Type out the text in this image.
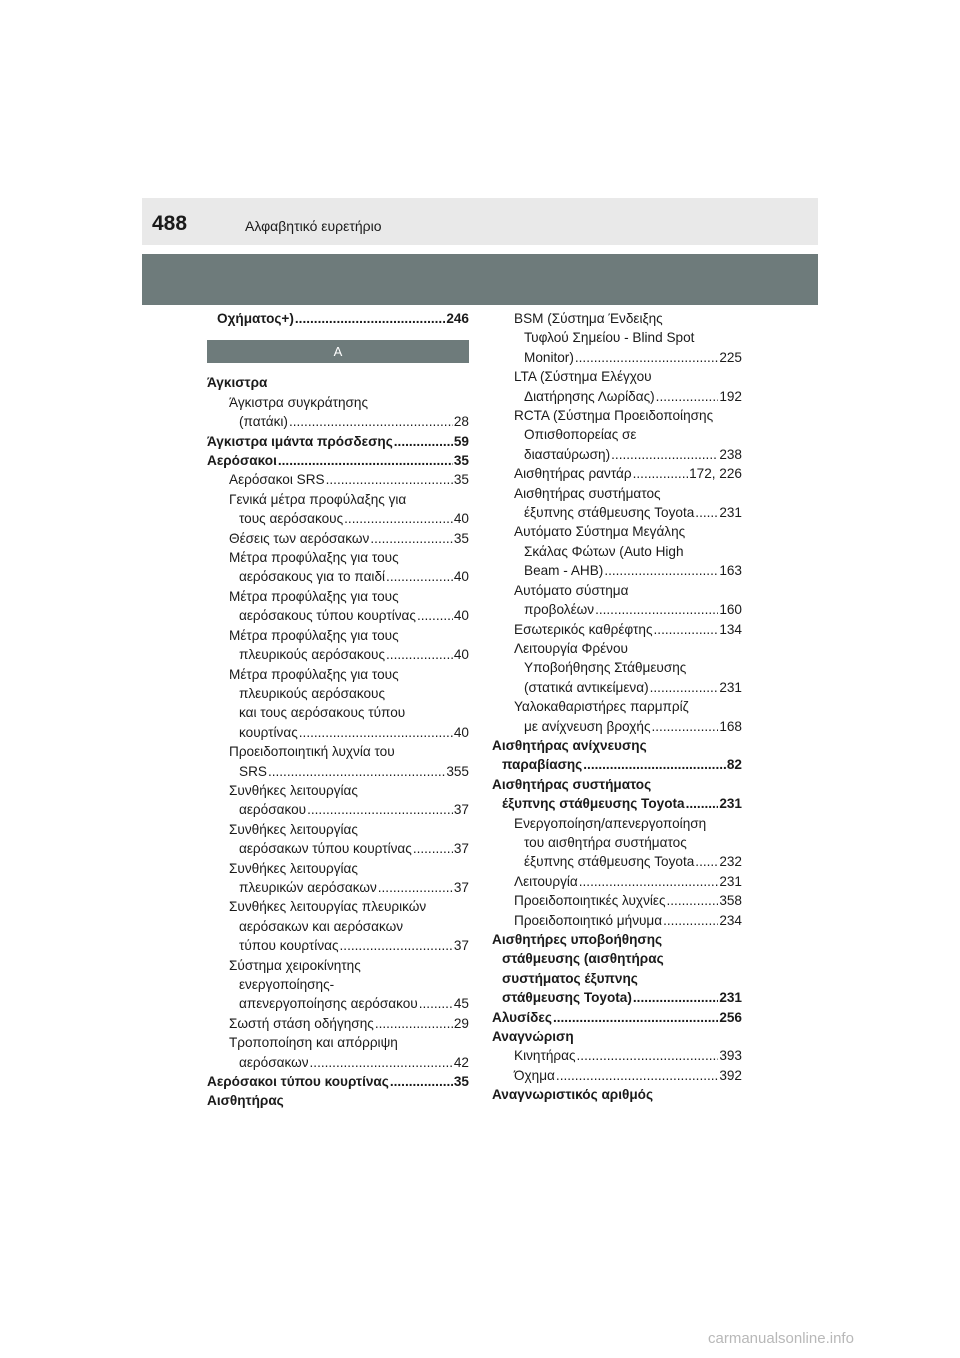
488	Αλφαβητικό ευρετήριο
Οχήματος+) .....	246
Α
Άγκιστρα
Άγκιστρα συγκράτησης
(πατάκι) .....	28
Άγκιστρα ιμάντα πρόσδεσης .....	59
Αερόσακοι .....	35
Αερόσακοι SRS .....	35
Γενικά μέτρα προφύλαξης για
τους αερόσακους .....	40
Θέσεις των αερόσακων .....	35
Μέτρα προφύλαξης για τους
αερόσακους για το παιδί .....	40
Μέτρα προφύλαξης για τους
αερόσακους τύπου κουρτίνας .....	40
Μέτρα προφύλαξης για τους
πλευρικούς αερόσακους .....	40
Μέτρα προφύλαξης για τους
πλευρικούς αερόσακους
και τους αερόσακους τύπου
κουρτίνας .....	40
Προειδοποιητική λυχνία του
SRS .....	355
Συνθήκες λειτουργίας
αερόσακου .....	37
Συνθήκες λειτουργίας
αερόσακων τύπου κουρτίνας .....	37
Συνθήκες λειτουργίας
πλευρικών αερόσακων .....	37
Συνθήκες λειτουργίας πλευρικών
αερόσακων και αερόσακων
τύπου κουρτίνας .....	37
Σύστημα χειροκίνητης
ενεργοποίησης-
απενεργοποίησης αερόσακου .....	45
Σωστή στάση οδήγησης .....	29
Τροποποίηση και απόρριψη
αερόσακων .....	42
Αερόσακοι τύπου κουρτίνας .....	35
Αισθητήρας
BSM (Σύστημα Ένδειξης
Τυφλού Σημείου - Blind Spot
Monitor) .....	225
LTA (Σύστημα Ελέγχου
Διατήρησης Λωρίδας) .....	192
RCTA (Σύστημα Προειδοποίησης
Οπισθοπορείας σε
διασταύρωση) .....	238
Αισθητήρας ραντάρ .....	172, 226
Αισθητήρας συστήματος
έξυπνης στάθμευσης Toyota ..... 231
Αυτόματο Σύστημα Μεγάλης
Σκάλας Φώτων (Auto High
Beam - AHB) .....	163
Αυτόματο σύστημα
προβολέων .....	160
Εσωτερικός καθρέφτης .....	134
Λειτουργία Φρένου
Υποβοήθησης Στάθμευσης
(στατικά αντικείμενα) .....	231
Υαλοκαθαριστήρες παρμπρίζ
με ανίχνευση βροχής .....	168
Αισθητήρας ανίχνευσης
παραβίασης .....	82
Αισθητήρας συστήματος
έξυπνης στάθμευσης Toyota .....	231
Ενεργοποίηση/απενεργοποίηση
του αισθητήρα συστήματος
έξυπνης στάθμευσης Toyota ..... 232
Λειτουργία .....	231
Προειδοποιητικές λυχνίες .....	358
Προειδοποιητικό μήνυμα .....	234
Αισθητήρες υποβοήθησης
στάθμευσης (αισθητήρας
συστήματος έξυπνης
στάθμευσης Toyota) .....	231
Αλυσίδες .....	256
Αναγνώριση
Κινητήρας .....	393
Όχημα .....	392
Αναγνωριστικός αριθμός
carmanualsonline.info
